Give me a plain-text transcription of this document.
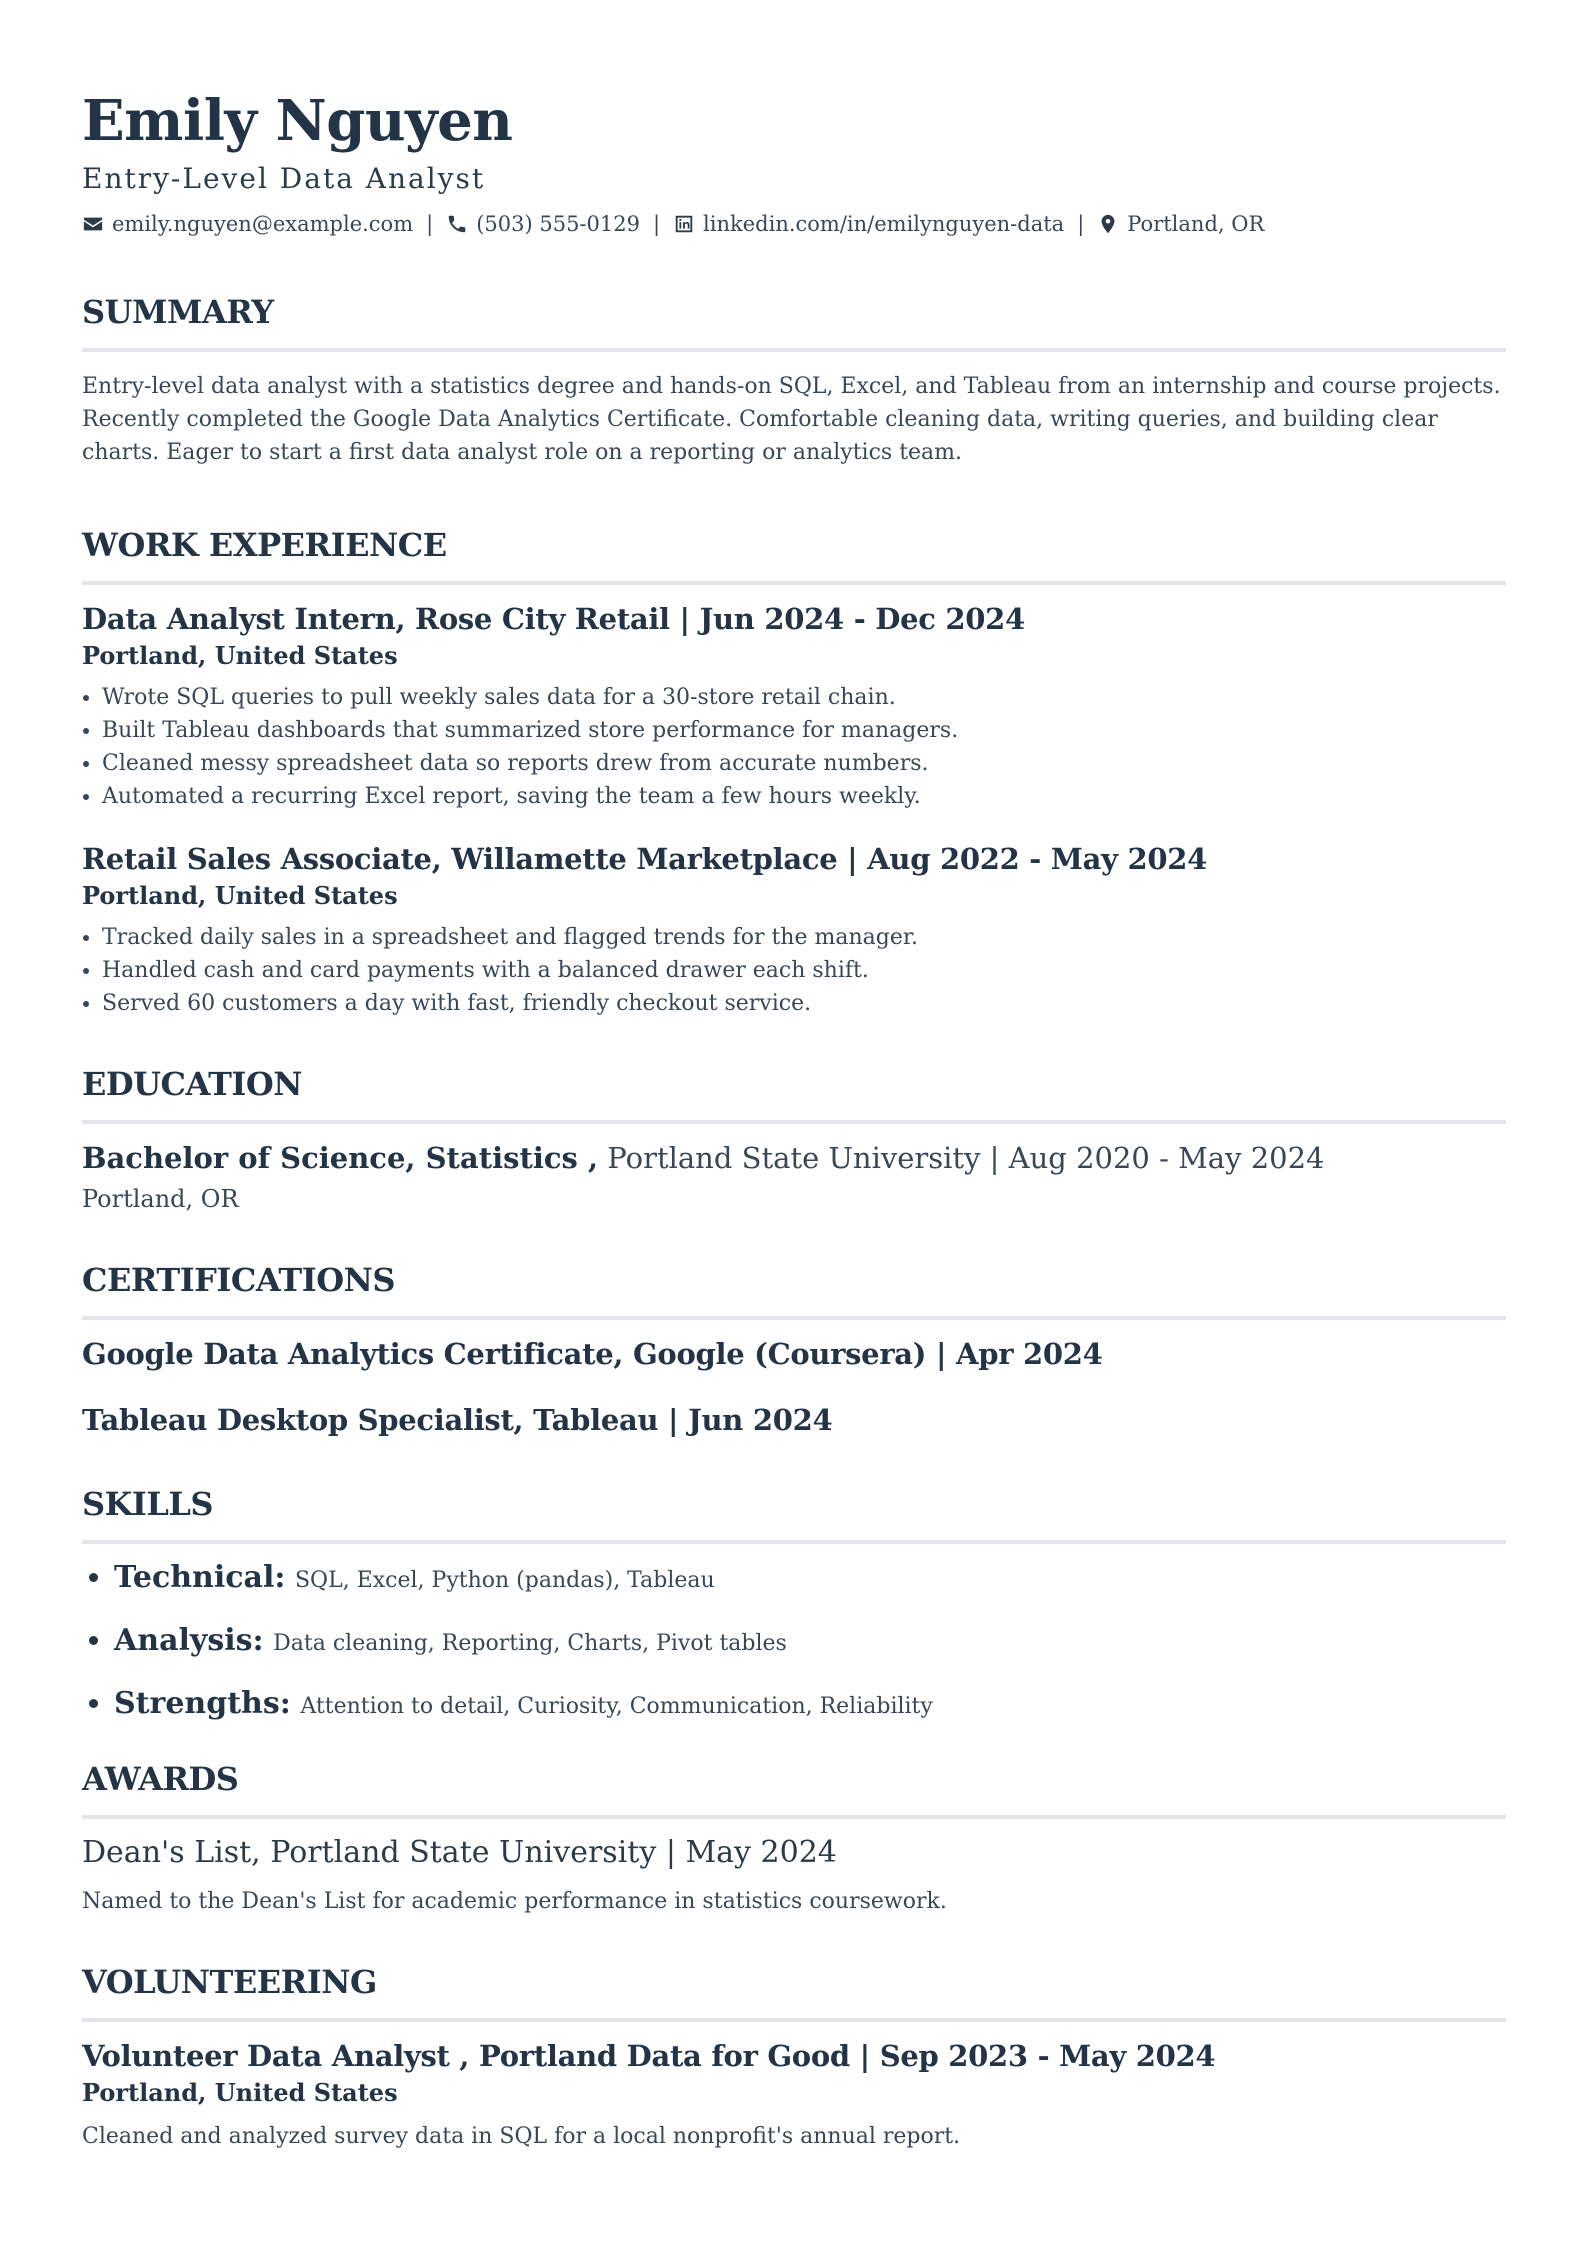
Emily Nguyen
Entry-Level Data Analyst
emily.nguyen@example.com | (503) 555-0129 | linkedin.com/in/emilynguyen-data | Portland, OR
SUMMARY

Entry-level data analyst with a statistics degree and hands-on SQL, Excel, and Tableau from an internship and course projects. Recently completed the Google Data Analytics Certificate. Comfortable cleaning data, writing queries, and building clear charts. Eager to start a first data analyst role on a reporting or analytics team.

WORK EXPERIENCE
Data Analyst Intern, Rose City Retail | Jun 2024 - Dec 2024
Portland, United States
• Wrote SQL queries to pull weekly sales data for a 30-store retail chain.
• Built Tableau dashboards that summarized store performance for managers.
• Cleaned messy spreadsheet data so reports drew from accurate numbers.
• Automated a recurring Excel report, saving the team a few hours weekly.
Retail Sales Associate, Willamette Marketplace | Aug 2022 - May 2024
Portland, United States
• Tracked daily sales in a spreadsheet and flagged trends for the manager.
• Handled cash and card payments with a balanced drawer each shift.
• Served 60 customers a day with fast, friendly checkout service.
EDUCATION
Bachelor of Science, Statistics , Portland State University | Aug 2020 - May 2024
Portland, OR
CERTIFICATIONS
Google Data Analytics Certificate, Google (Coursera) | Apr 2024
Tableau Desktop Specialist, Tableau | Jun 2024
SKILLS
• Technical: SQL, Excel, Python (pandas), Tableau
• Analysis: Data cleaning, Reporting, Charts, Pivot tables
• Strengths: Attention to detail, Curiosity, Communication, Reliability
AWARDS
Dean's List, Portland State University | May 2024
Named to the Dean's List for academic performance in statistics coursework.
VOLUNTEERING
Volunteer Data Analyst , Portland Data for Good | Sep 2023 - May 2024
Portland, United States
Cleaned and analyzed survey data in SQL for a local nonprofit's annual report.
